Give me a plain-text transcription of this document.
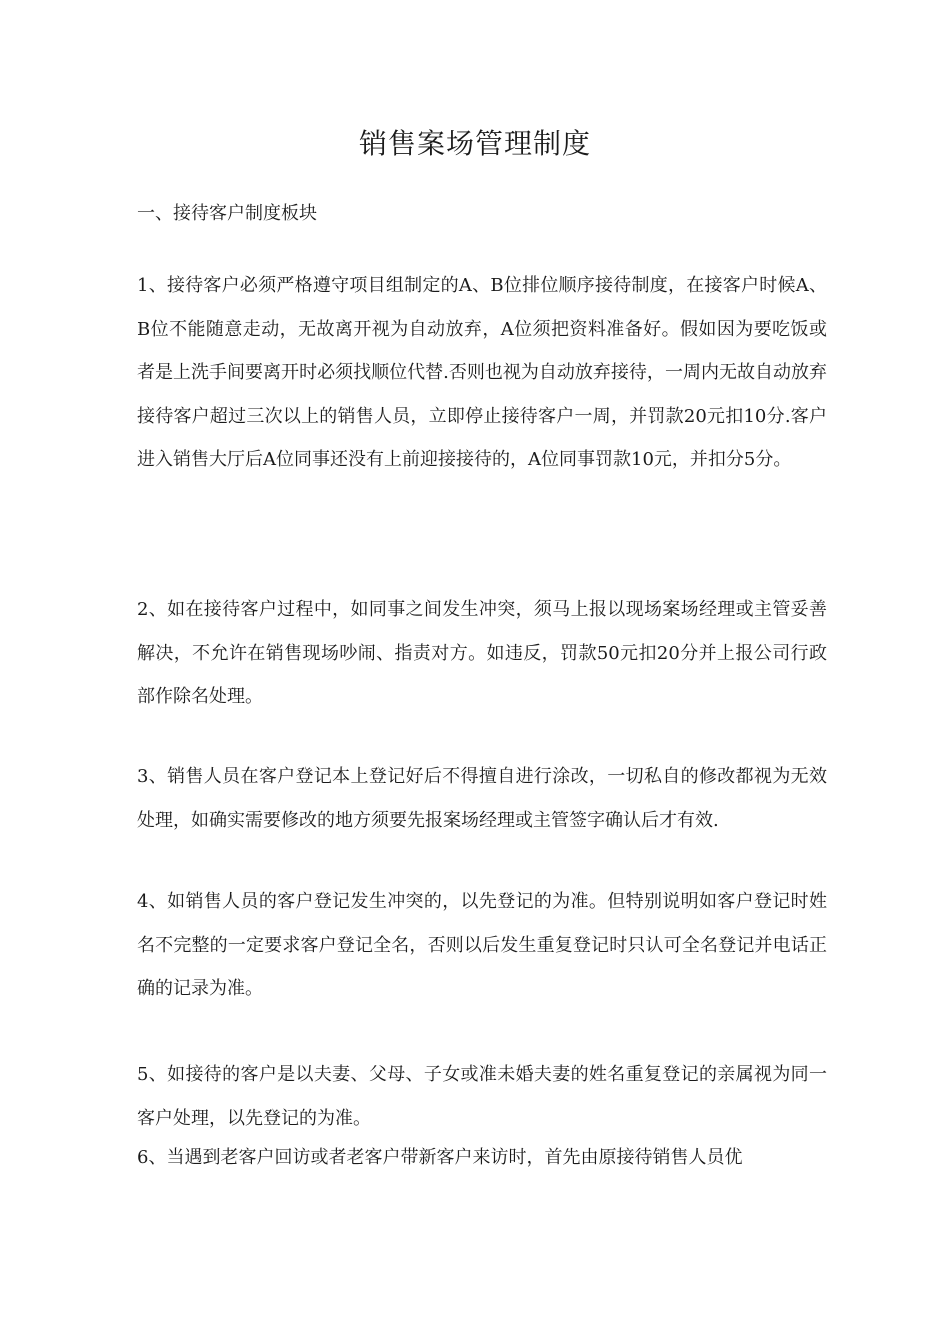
销售案场管理制度
一、接待客户制度板块

1、接待客户必须严格遵守项目组制定的A、B位排位顺序接待制度，在接客户时候A、B位不能随意走动，无故离开视为自动放弃，A位须把资料准备好。假如因为要吃饭或者是上洗手间要离开时必须找顺位代替.否则也视为自动放弃接待，一周内无故自动放弃接待客户超过三次以上的销售人员，立即停止接待客户一周，并罚款20元扣10分.客户进入销售大厅后A位同事还没有上前迎接接待的，A位同事罚款10元，并扣分5分。

2、如在接待客户过程中，如同事之间发生冲突，须马上报以现场案场经理或主管妥善解决，不允许在销售现场吵闹、指责对方。如违反，罚款50元扣20分并上报公司行政部作除名处理。

3、销售人员在客户登记本上登记好后不得擅自进行涂改，一切私自的修改都视为无效处理，如确实需要修改的地方须要先报案场经理或主管签字确认后才有效.

4、如销售人员的客户登记发生冲突的，以先登记的为准。但特别说明如客户登记时姓名不完整的一定要求客户登记全名，否则以后发生重复登记时只认可全名登记并电话正确的记录为准。

5、如接待的客户是以夫妻、父母、子女或准未婚夫妻的姓名重复登记的亲属视为同一客户处理，以先登记的为准。

6、当遇到老客户回访或者老客户带新客户来访时，首先由原接待销售人员优
